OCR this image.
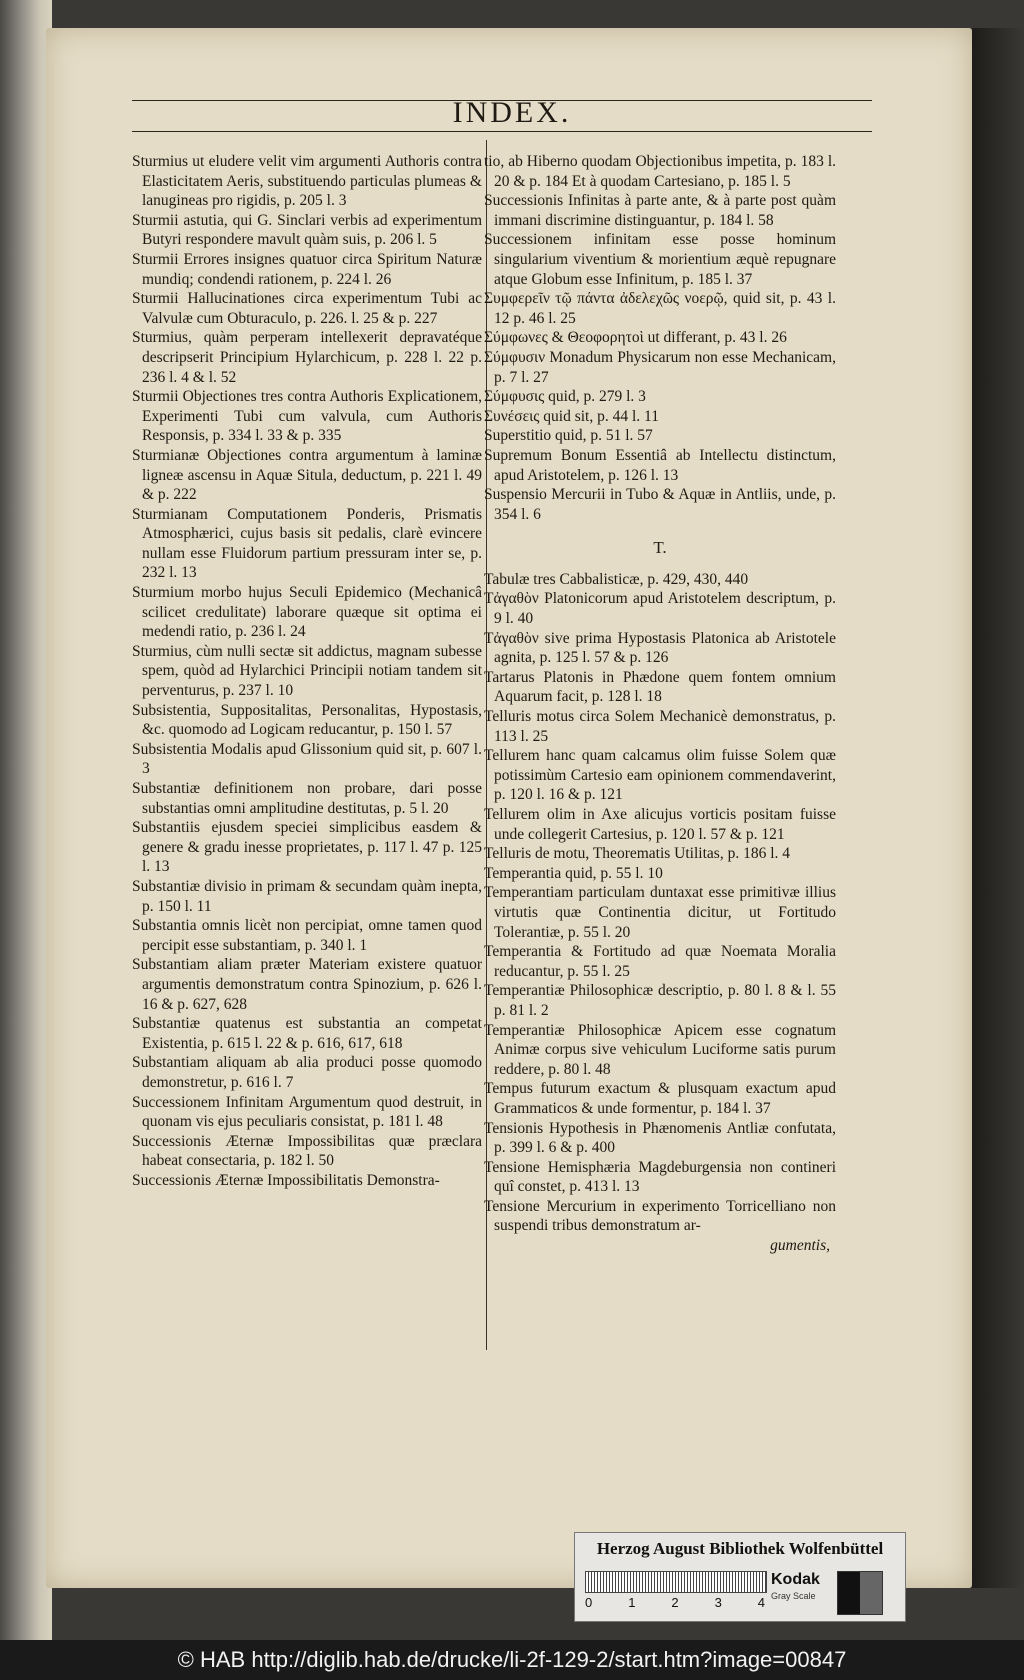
INDEX.
Sturmius ut eludere velit vim argumenti Authoris contra Elasticitatem Aeris, substituendo particulas plumeas & lanugineas pro rigidis, p. 205 l. 3
Sturmii astutia, qui G. Sinclari verbis ad experimentum Butyri respondere mavult quàm suis, p. 206 l. 5
Sturmii Errores insignes quatuor circa Spiritum Naturæ mundiq; condendi rationem, p. 224 l. 26
Sturmii Hallucinationes circa experimentum Tubi ac Valvulæ cum Obturaculo, p. 226. l. 25 & p. 227
Sturmius, quàm perperam intellexerit depravatéque descripserit Principium Hylarchicum, p. 228 l. 22 p. 236 l. 4 & l. 52
Sturmii Objectiones tres contra Authoris Explicationem, Experimenti Tubi cum valvula, cum Authoris Responsis, p. 334 l. 33 & p. 335
Sturmianæ Objectiones contra argumentum à laminæ ligneæ ascensu in Aquæ Situla, deductum, p. 221 l. 49 & p. 222
Sturmianam Computationem Ponderis, Prismatis Atmosphærici, cujus basis sit pedalis, clarè evincere nullam esse Fluidorum partium pressuram inter se, p. 232 l. 13
Sturmium morbo hujus Seculi Epidemico (Mechanicâ scilicet credulitate) laborare quæque sit optima ei medendi ratio, p. 236 l. 24
Sturmius, cùm nulli sectæ sit addictus, magnam subesse spem, quòd ad Hylarchici Principii notiam tandem sit perventurus, p. 237 l. 10
Subsistentia, Suppositalitas, Personalitas, Hypostasis, &c. quomodo ad Logicam reducantur, p. 150 l. 57
Subsistentia Modalis apud Glissonium quid sit, p. 607 l. 3
Substantiæ definitionem non probare, dari posse substantias omni amplitudine destitutas, p. 5 l. 20
Substantiis ejusdem speciei simplicibus easdem & genere & gradu inesse proprietates, p. 117 l. 47 p. 125 l. 13
Substantiæ divisio in primam & secundam quàm inepta, p. 150 l. 11
Substantia omnis licèt non percipiat, omne tamen quod percipit esse substantiam, p. 340 l. 1
Substantiam aliam præter Materiam existere quatuor argumentis demonstratum contra Spinozium, p. 626 l. 16 & p. 627, 628
Substantiæ quatenus est substantia an competat Existentia, p. 615 l. 22 & p. 616, 617, 618
Substantiam aliquam ab alia produci posse quomodo demonstretur, p. 616 l. 7
Successionem Infinitam Argumentum quod destruit, in quonam vis ejus peculiaris consistat, p. 181 l. 48
Successionis Æternæ Impossibilitas quæ præclara habeat consectaria, p. 182 l. 50
Successionis Æternæ Impossibilitatis Demonstra-
tio, ab Hiberno quodam Objectionibus impetita, p. 183 l. 20 & p. 184 Et à quodam Cartesiano, p. 185 l. 5
Successionis Infinitas à parte ante, & à parte post quàm immani discrimine distinguantur, p. 184 l. 58
Successionem infinitam esse posse hominum singularium viventium & morientium æquè repugnare atque Globum esse Infinitum, p. 185 l. 37
Συμφερεῖν τῷ πάντα ἀδελεχῶς νοερῷ, quid sit, p. 43 l. 12 p. 46 l. 25
Σύμφωνες & Θεοφορητοὶ ut differant, p. 43 l. 26
Σύμφυσιν Monadum Physicarum non esse Mechanicam, p. 7 l. 27
Σύμφυσις quid, p. 279 l. 3
Συνέσεις quid sit, p. 44 l. 11
Superstitio quid, p. 51 l. 57
Supremum Bonum Essentiâ ab Intellectu distinctum, apud Aristotelem, p. 126 l. 13
Suspensio Mercurii in Tubo & Aquæ in Antliis, unde, p. 354 l. 6
T.
Tabulæ tres Cabbalisticæ, p. 429, 430, 440
Τἀγαθὸν Platonicorum apud Aristotelem descriptum, p. 9 l. 40
Τἀγαθὸν sive prima Hypostasis Platonica ab Aristotele agnita, p. 125 l. 57 & p. 126
Tartarus Platonis in Phædone quem fontem omnium Aquarum facit, p. 128 l. 18
Telluris motus circa Solem Mechanicè demonstratus, p. 113 l. 25
Tellurem hanc quam calcamus olim fuisse Solem quæ potissimùm Cartesio eam opinionem commendaverint, p. 120 l. 16 & p. 121
Tellurem olim in Axe alicujus vorticis positam fuisse unde collegerit Cartesius, p. 120 l. 57 & p. 121
Telluris de motu, Theorematis Utilitas, p. 186 l. 4
Temperantia quid, p. 55 l. 10
Temperantiam particulam duntaxat esse primitivæ illius virtutis quæ Continentia dicitur, ut Fortitudo Tolerantiæ, p. 55 l. 20
Temperantia & Fortitudo ad quæ Noemata Moralia reducantur, p. 55 l. 25
Temperantiæ Philosophicæ descriptio, p. 80 l. 8 & l. 55 p. 81 l. 2
Temperantiæ Philosophicæ Apicem esse cognatum Animæ corpus sive vehiculum Luciforme satis purum reddere, p. 80 l. 48
Tempus futurum exactum & plusquam exactum apud Grammaticos & unde formentur, p. 184 l. 37
Tensionis Hypothesis in Phænomenis Antliæ confutata, p. 399 l. 6 & p. 400
Tensione Hemisphæria Magdeburgensia non contineri quî constet, p. 413 l. 13
Tensione Mercurium in experimento Torricelliano non suspendi tribus demonstratum ar-
gumentis,
Herzog August Bibliothek Wolfenbüttel
0	1	2	3	4
Kodak
Gray Scale
© HAB http://diglib.hab.de/drucke/li-2f-129-2/start.htm?image=00847
